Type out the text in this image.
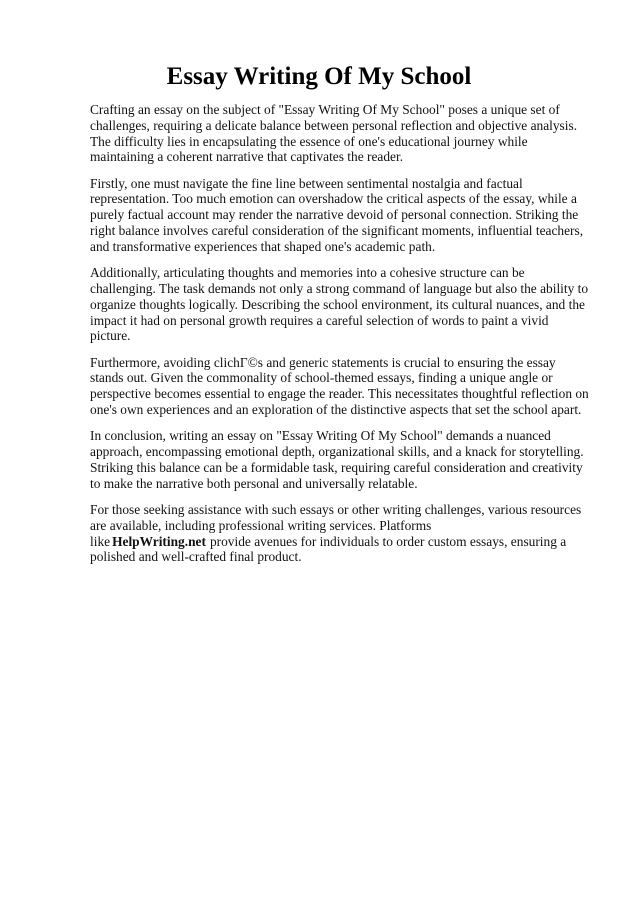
Essay Writing Of My School

Crafting an essay on the subject of "Essay Writing Of My School" poses a unique set of challenges, requiring a delicate balance between personal reflection and objective analysis. The difficulty lies in encapsulating the essence of one's educational journey while maintaining a coherent narrative that captivates the reader.

Firstly, one must navigate the fine line between sentimental nostalgia and factual representation. Too much emotion can overshadow the critical aspects of the essay, while a purely factual account may render the narrative devoid of personal connection. Striking the right balance involves careful consideration of the significant moments, influential teachers, and transformative experiences that shaped one's academic path.

Additionally, articulating thoughts and memories into a cohesive structure can be challenging. The task demands not only a strong command of language but also the ability to organize thoughts logically. Describing the school environment, its cultural nuances, and the impact it had on personal growth requires a careful selection of words to paint a vivid picture.

Furthermore, avoiding clichГ©s and generic statements is crucial to ensuring the essay stands out. Given the commonality of school-themed essays, finding a unique angle or perspective becomes essential to engage the reader. This necessitates thoughtful reflection on one's own experiences and an exploration of the distinctive aspects that set the school apart.

In conclusion, writing an essay on "Essay Writing Of My School" demands a nuanced approach, encompassing emotional depth, organizational skills, and a knack for storytelling. Striking this balance can be a formidable task, requiring careful consideration and creativity to make the narrative both personal and universally relatable.

For those seeking assistance with such essays or other writing challenges, various resources are available, including professional writing services. Platforms like HelpWriting.net provide avenues for individuals to order custom essays, ensuring a polished and well-crafted final product.
